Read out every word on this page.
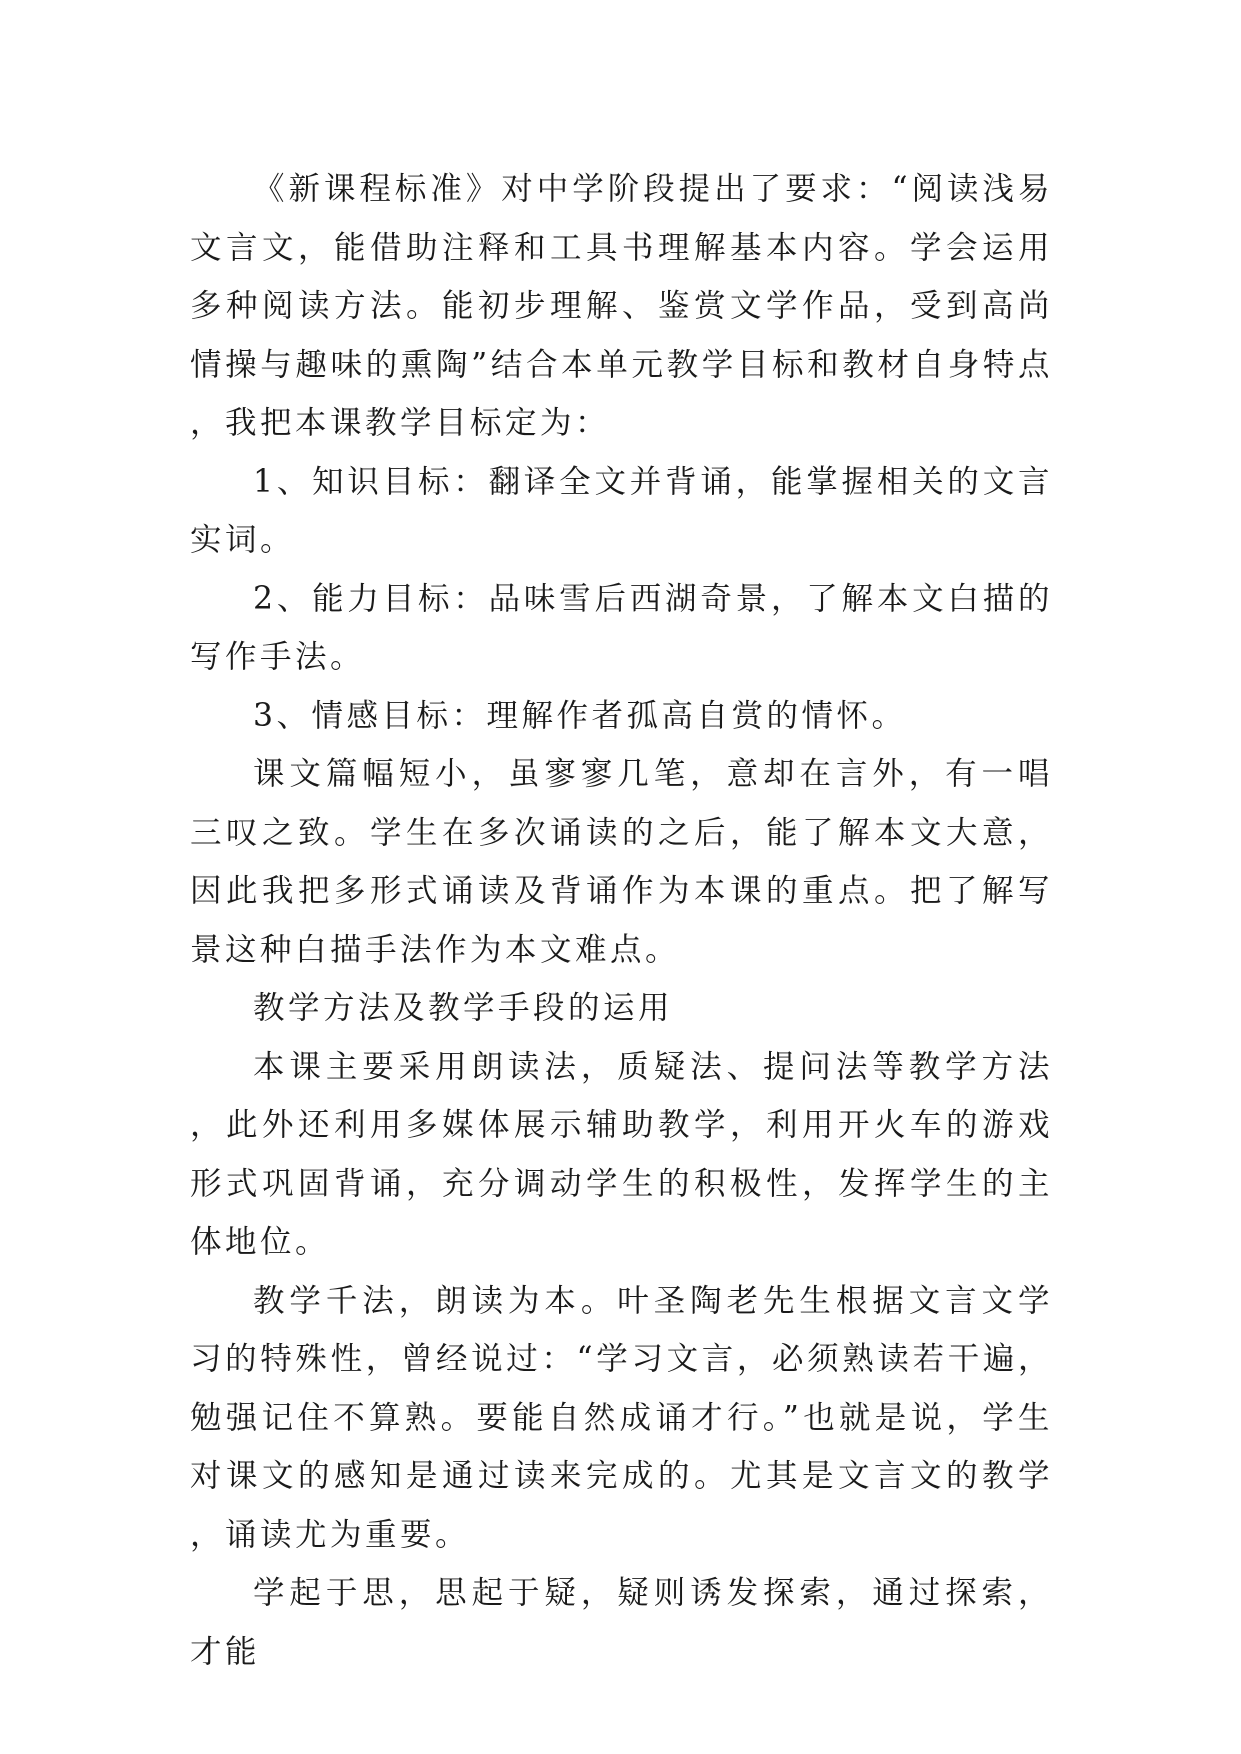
《新课程标准》对中学阶段提出了要求：“阅读浅易文言文，能借助注释和工具书理解基本内容。学会运用多种阅读方法。能初步理解、鉴赏文学作品，受到高尚情操与趣味的熏陶”结合本单元教学目标和教材自身特点，我把本课教学目标定为：

1、知识目标：翻译全文并背诵，能掌握相关的文言实词。

2、能力目标：品味雪后西湖奇景，了解本文白描的写作手法。

3、情感目标：理解作者孤高自赏的情怀。

课文篇幅短小，虽寥寥几笔，意却在言外，有一唱三叹之致。学生在多次诵读的之后，能了解本文大意，因此我把多形式诵读及背诵作为本课的重点。把了解写景这种白描手法作为本文难点。

教学方法及教学手段的运用

本课主要采用朗读法，质疑法、提问法等教学方法，此外还利用多媒体展示辅助教学，利用开火车的游戏形式巩固背诵，充分调动学生的积极性，发挥学生的主体地位。

教学千法，朗读为本。叶圣陶老先生根据文言文学习的特殊性，曾经说过：“学习文言，必须熟读若干遍，勉强记住不算熟。要能自然成诵才行。”也就是说，学生对课文的感知是通过读来完成的。尤其是文言文的教学，诵读尤为重要。

学起于思，思起于疑，疑则诱发探索，通过探索，才能
